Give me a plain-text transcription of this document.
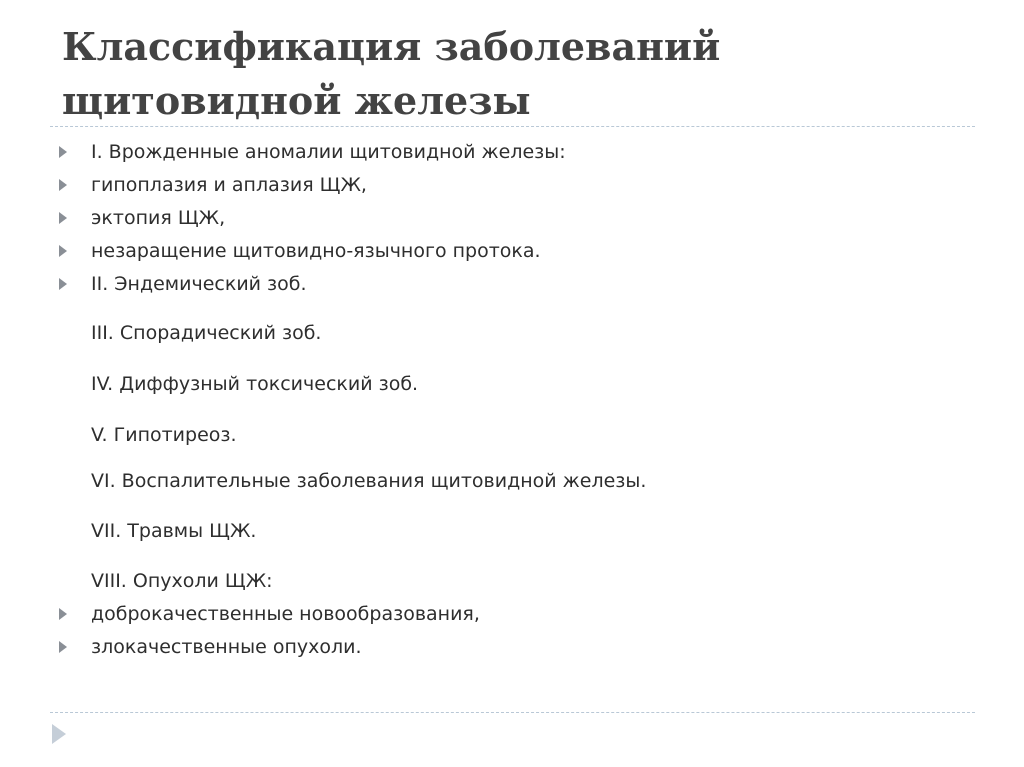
Классификация заболеваний щитовидной железы
I. Врожденные аномалии щитовидной железы:
гипоплазия и аплазия ЩЖ,
эктопия ЩЖ,
незаращение щитовидно-язычного протока.
II. Эндемический зоб.
III. Спорадический зоб.
IV. Диффузный токсический зоб.
V. Гипотиреоз.
VI. Воспалительные заболевания щитовидной железы.
VII. Травмы ЩЖ.
VIII. Опухоли ЩЖ:
доброкачественные новообразования,
злокачественные опухоли.
